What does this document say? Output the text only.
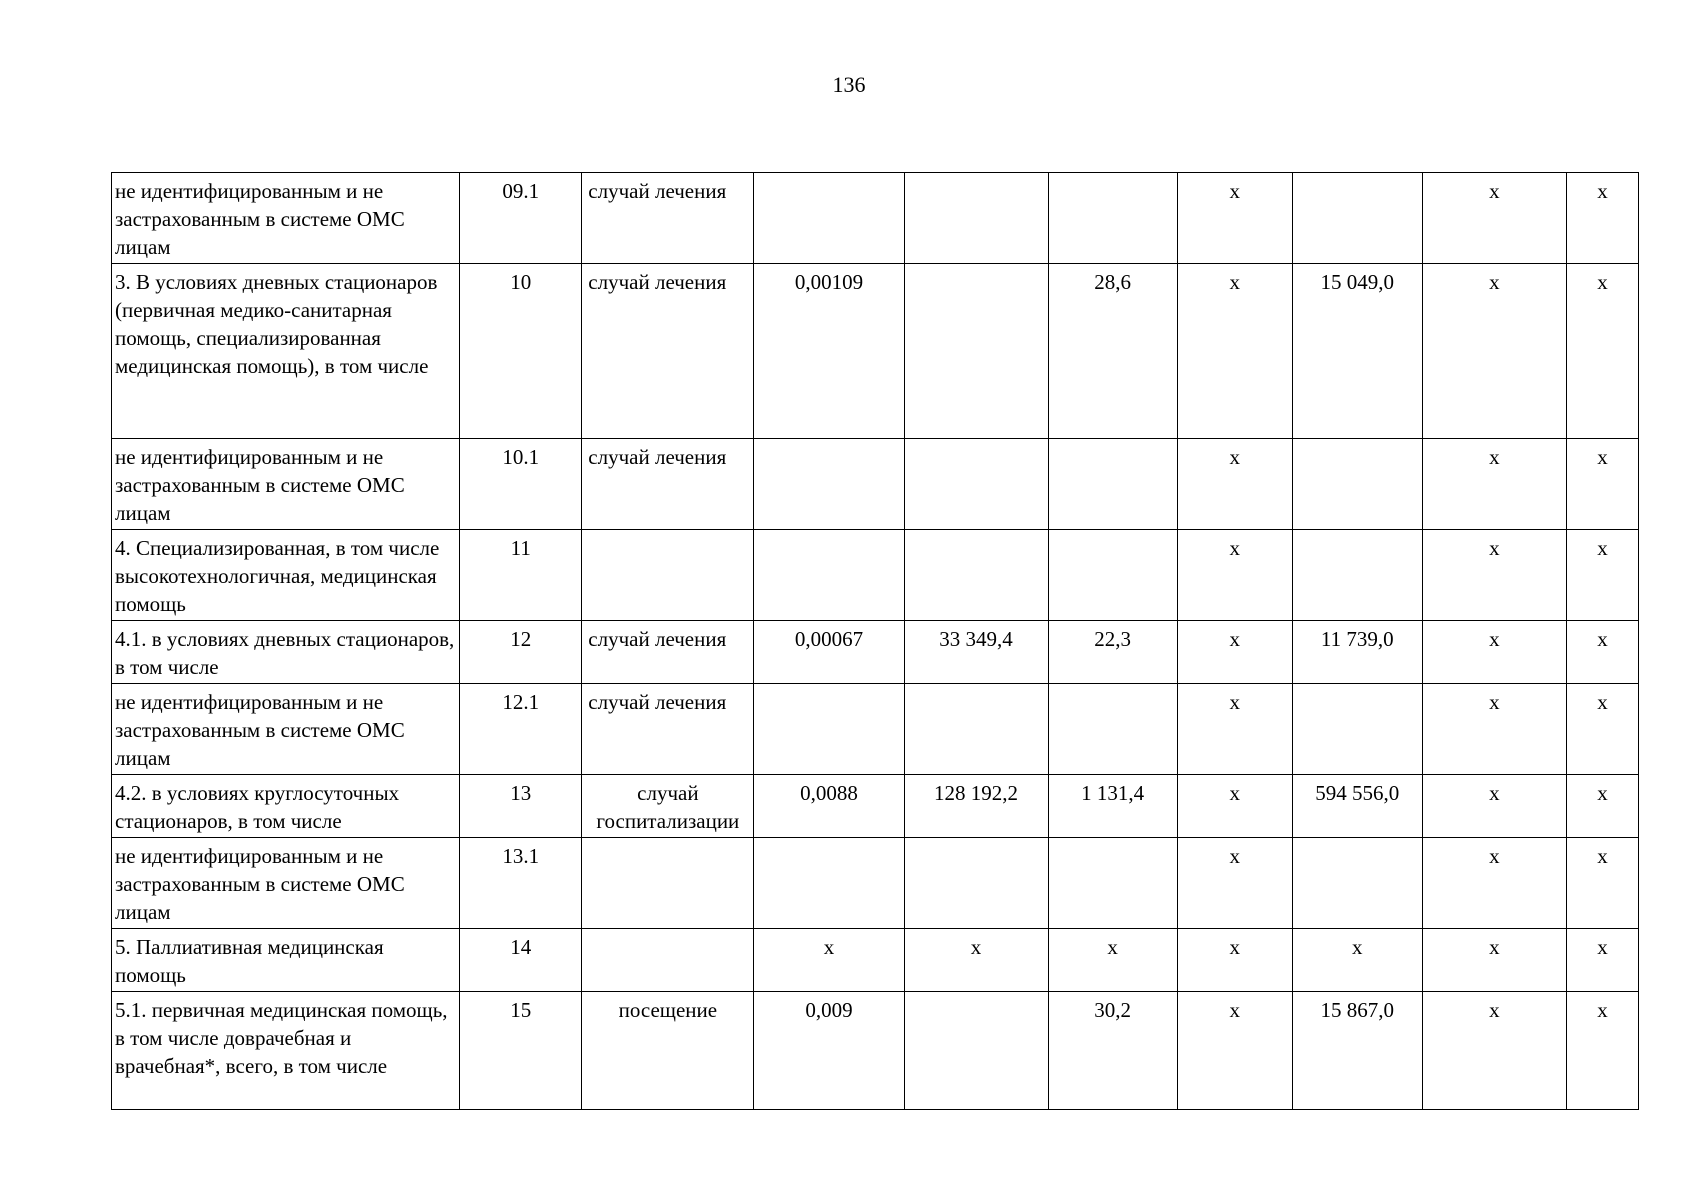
136
не идентифицированным и не застрахованным в системе ОМС лицам	09.1	случай лечения				х		х	х
3. В условиях дневных стационаров (первичная медико-санитарная помощь, специализированная медицинская помощь), в том числе	10	случай лечения	0,00109		28,6	х	15 049,0	х	х
не идентифицированным и не застрахованным в системе ОМС лицам	10.1	случай лечения				х		х	х
4. Специализированная, в том числе высокотехнологичная, медицинская помощь	11					х		х	х
4.1. в условиях дневных стационаров, в том числе	12	случай лечения	0,00067	33 349,4	22,3	х	11 739,0	х	х
не идентифицированным и не застрахованным в системе ОМС лицам	12.1	случай лечения				х		х	х
4.2. в условиях круглосуточных стационаров, в том числе	13	случай госпитализации	0,0088	128 192,2	1 131,4	х	594 556,0	х	х
не идентифицированным и не застрахованным в системе ОМС лицам	13.1					х		х	х
5. Паллиативная медицинская помощь	14		х	х	х	х	х	х	х
5.1. первичная медицинская помощь, в том числе доврачебная и врачебная*, всего, в том числе	15	посещение	0,009		30,2	х	15 867,0	х	х
